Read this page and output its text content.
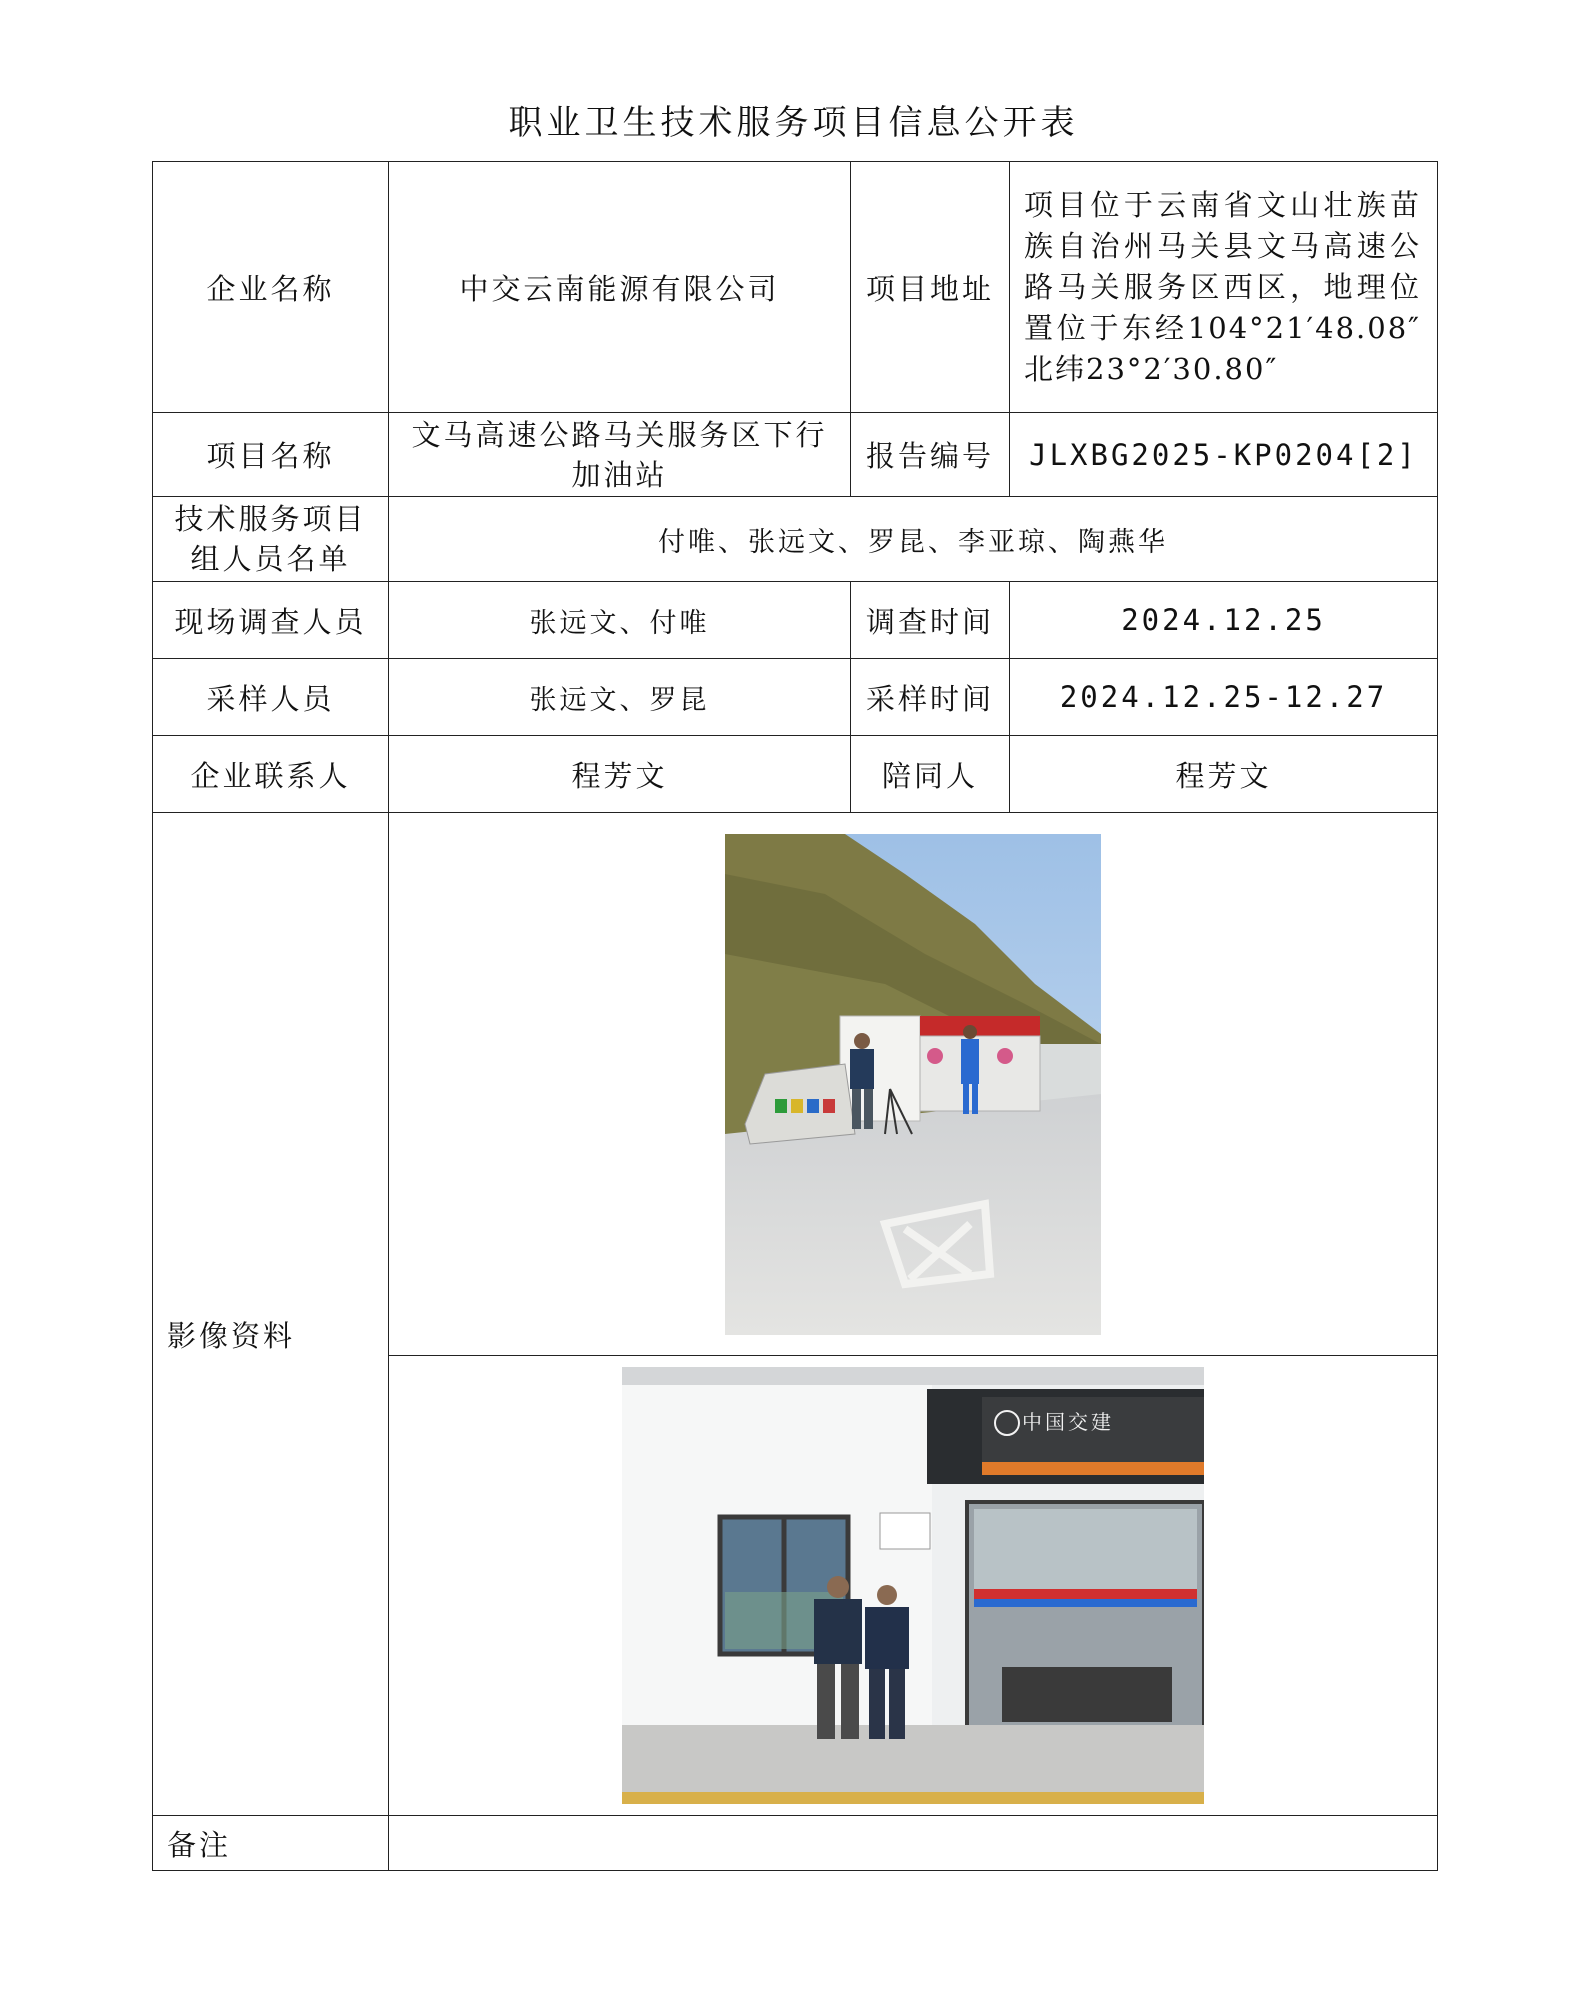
职业卫生技术服务项目信息公开表
企业名称	中交云南能源有限公司	项目地址	项目位于云南省文山壮族苗族自治州马关县文马高速公路马关服务区西区，地理位置位于东经104°21′48.08″北纬23°2′30.80″
项目名称	文马高速公路马关服务区下行加油站	报告编号	JLXBG2025-KP0204[2]
技术服务项目组人员名单	付唯、张远文、罗昆、李亚琼、陶燕华		
现场调查人员	张远文、付唯	调查时间	2024.12.25
采样人员	张远文、罗昆	采样时间	2024.12.25-12.27
企业联系人	程芳文	陪同人	程芳文
影像资料	

中国交建		

备注			
